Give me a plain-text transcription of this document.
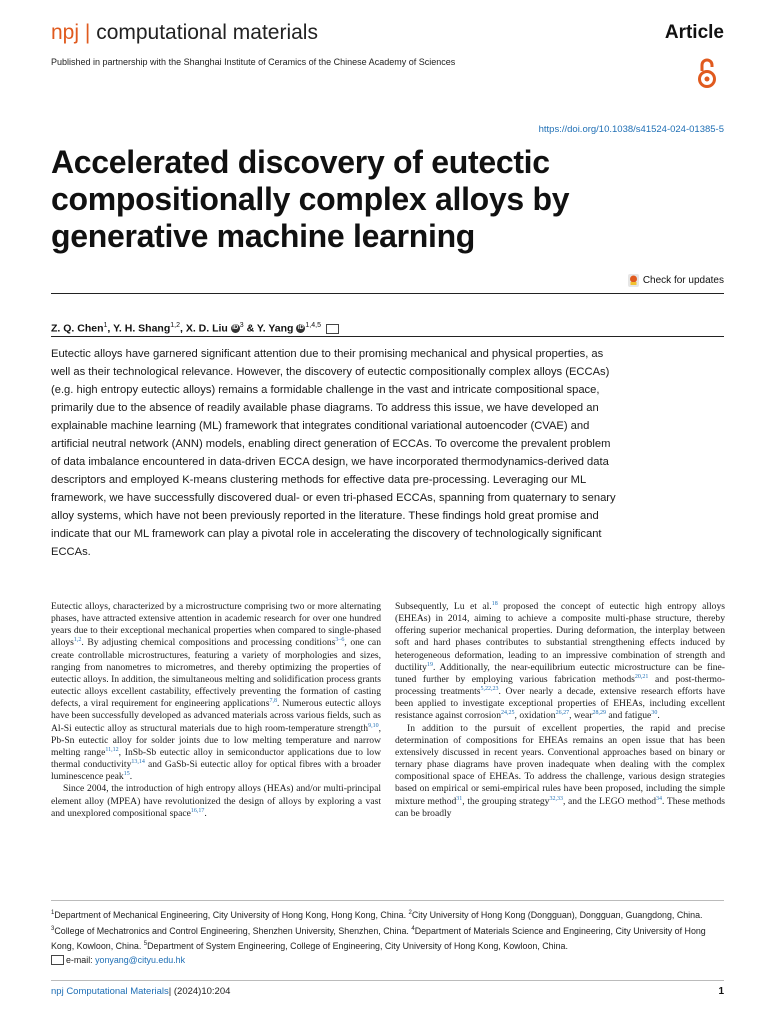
npj | computational materials	Article
Published in partnership with the Shanghai Institute of Ceramics of the Chinese Academy of Sciences
https://doi.org/10.1038/s41524-024-01385-5
Accelerated discovery of eutectic compositionally complex alloys by generative machine learning
Check for updates
Z. Q. Chen$^1$, Y. H. Shang$^{1,2}$, X. D. Liu iD $^3$ & Y. Yang iD $^{1,4,5}$
Eutectic alloys have garnered significant attention due to their promising mechanical and physical properties, as well as their technological relevance. However, the discovery of eutectic compositionally complex alloys (ECCAs) (e.g. high entropy eutectic alloys) remains a formidable challenge in the vast and intricate compositional space, primarily due to the absence of readily available phase diagrams. To address this issue, we have developed an explainable machine learning (ML) framework that integrates conditional variational autoencoder (CVAE) and artificial neutral network (ANN) models, enabling direct generation of ECCAs. To overcome the prevalent problem of data imbalance encountered in data-driven ECCA design, we have incorporated thermodynamics-derived data descriptors and employed K-means clustering methods for effective data pre-processing. Leveraging our ML framework, we have successfully discovered dual- or even tri-phased ECCAs, spanning from quaternary to senary alloy systems, which have not been previously reported in the literature. These findings hold great promise and indicate that our ML framework can play a pivotal role in accelerating the discovery of technologically significant ECCAs.

Eutectic alloys, characterized by a microstructure comprising two or more alternating phases, have attracted extensive attention in academic research for over one hundred years due to their exceptional mechanical properties when compared to single-phased alloys$^{1,2}$. By adjusting chemical compositions and processing conditions$^{3-6}$, one can create controllable microstructures, featuring a variety of morphologies and sizes, ranging from nanometres to micrometres, and thereby optimizing the properties of eutectic alloys. In addition, the simultaneous melting and solidification process grants eutectic alloys excellent castability, effectively preventing the formation of casting defects, a viral requirement for engineering applications$^{7,8}$. Numerous eutectic alloys have been successfully developed as advanced materials across various fields, such as Al-Si eutectic alloy as structural materials due to high room-temperature strength$^{9,10}$, Pb-Sn eutectic alloy for solder joints due to low melting temperature and narrow melting range$^{11,12}$, InSb-Sb eutectic alloy in semiconductor applications due to low thermal conductivity$^{13,14}$ and GaSb-Si eutectic alloy for optical fibres with a broader luminescence peak$^{15}$.

Since 2004, the introduction of high entropy alloys (HEAs) and/or multi-principal element alloy (MPEA) have revolutionized the design of alloys by exploring a vast and unexplored compositional space$^{16,17}$.

Subsequently, Lu et al.$^{18}$ proposed the concept of eutectic high entropy alloys (EHEAs) in 2014, aiming to achieve a composite multi-phase structure, thereby offering superior mechanical properties. During deformation, the interplay between soft and hard phases contributes to substantial strengthening effects induced by heterogeneous deformation, leading to an impressive combination of strength and ductility$^{19}$. Additionally, the near-equilibrium eutectic microstructure can be fine-tuned further by employing various fabrication methods$^{20,21}$ and post-thermo-processing treatments$^{5,22,23}$. Over nearly a decade, extensive research efforts have been applied to investigate exceptional properties of EHEAs, including excellent resistance against corrosion$^{24,25}$, oxidation$^{26,27}$, wear$^{28,29}$ and fatigue$^{30}$.

In addition to the pursuit of excellent properties, the rapid and precise determination of compositions for EHEAs remains an open issue that has been extensively discussed in recent years. Conventional approaches based on binary or ternary phase diagrams have proven inadequate when dealing with the complex compositional space of EHEAs. To address the challenge, various design strategies based on empirical or semi-empirical rules have been proposed, including the simple mixture method$^{31}$, the grouping strategy$^{32,33}$, and the LEGO method$^{34}$. These methods can be broadly

$^1$Department of Mechanical Engineering, City University of Hong Kong, Hong Kong, China. $^2$City University of Hong Kong (Dongguan), Dongguan, Guangdong, China. $^3$College of Mechatronics and Control Engineering, Shenzhen University, Shenzhen, China. $^4$Department of Materials Science and Engineering, City University of Hong Kong, Kowloon, China. $^5$Department of System Engineering, College of Engineering, City University of Hong Kong, Kowloon, China.
e-mail: yonyang@cityu.edu.hk
npj Computational Materials| (2024)10:204	1
